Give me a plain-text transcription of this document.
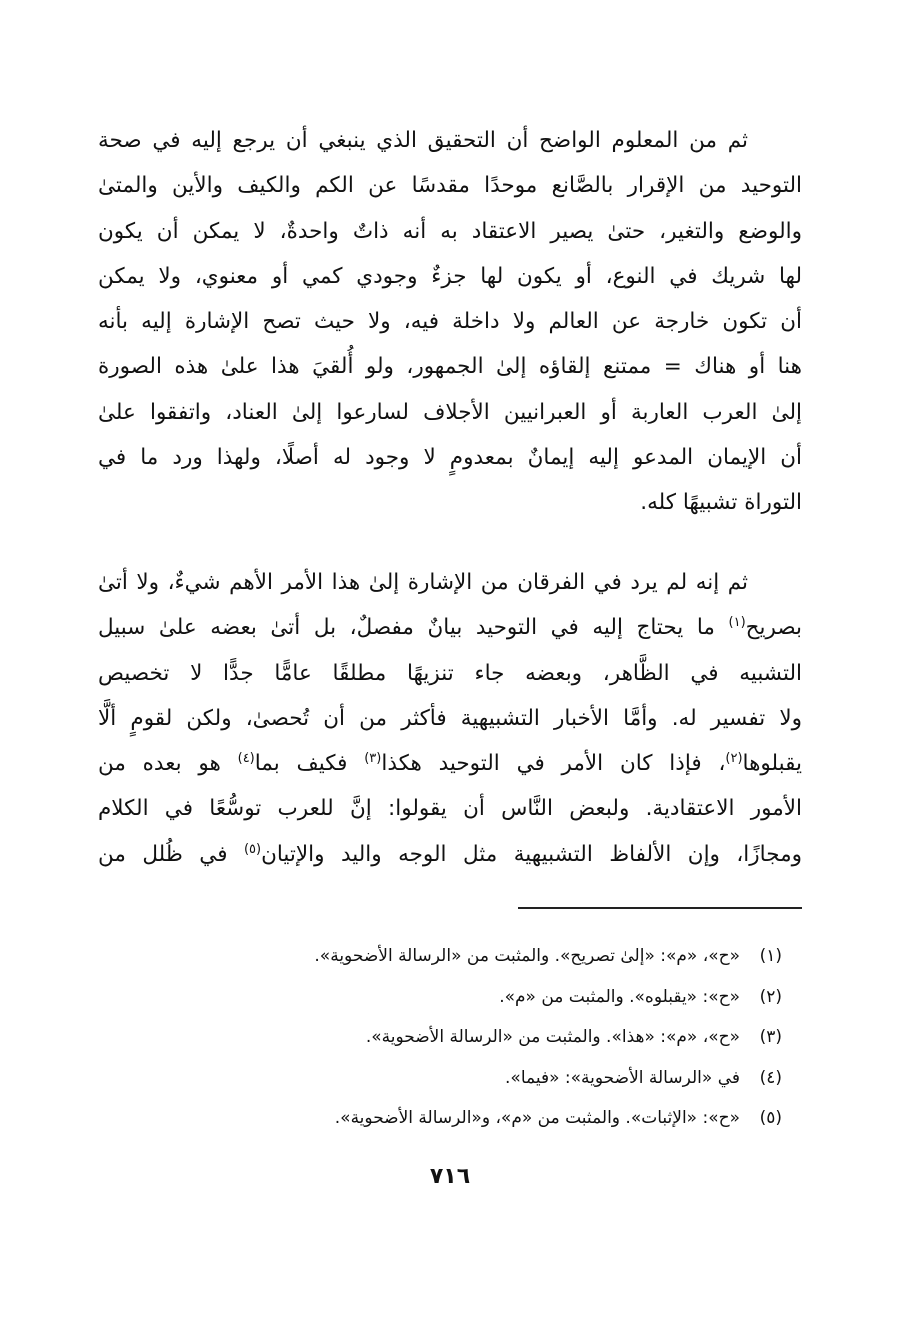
ثم من المعلوم الواضح أن التحقيق الذي ينبغي أن يرجع إليه في صحة
التوحيد من الإقرار بالصَّانع موحدًا مقدسًا عن الكم والكيف والأين والمتىٰ
والوضع والتغير، حتىٰ يصير الاعتقاد به أنه ذاتٌ واحدةٌ، لا يمكن أن يكون
لها شريك في النوع، أو يكون لها جزءٌ وجودي كمي أو معنوي، ولا يمكن
أن تكون خارجة عن العالم ولا داخلة فيه، ولا حيث تصح الإشارة إليه بأنه
هنا أو هناك = ممتنع إلقاؤه إلىٰ الجمهور، ولو أُلقيَ هذا علىٰ هذه الصورة
إلىٰ العرب العاربة أو العبرانيين الأجلاف لسارعوا إلىٰ العناد، واتفقوا علىٰ
أن الإيمان المدعو إليه إيمانٌ بمعدومٍ لا وجود له أصلًا، ولهذا ورد ما في
التوراة تشبيهًا كله.
ثم إنه لم يرد في الفرقان من الإشارة إلىٰ هذا الأمر الأهم شيءٌ، ولا أتىٰ
بصريح$^{(١)}$ ما يحتاج إليه في التوحيد بيانٌ مفصلٌ، بل أتىٰ بعضه علىٰ سبيل
التشبيه في الظَّاهر، وبعضه جاء تنزيهًا مطلقًا عامًّا جدًّا لا تخصيص
ولا تفسير له. وأمَّا الأخبار التشبيهية فأكثر من أن تُحصىٰ، ولكن لقومٍ ألَّا
يقبلوها$^{(٢)}$، فإذا كان الأمر في التوحيد هكذا$^{(٣)}$ فكيف بما$^{(٤)}$ هو بعده من
الأمور الاعتقادية. ولبعض النَّاس أن يقولوا: إنَّ للعرب توسُّعًا في الكلام
ومجازًا، وإن الألفاظ التشبيهية مثل الوجه واليد والإتيان$^{(٥)}$ في ظُلل من
(١)«ح»، «م»: «إلىٰ تصريح». والمثبت من «الرسالة الأضحوية».
(٢)«ح»: «يقبلوه». والمثبت من «م».
(٣)«ح»، «م»: «هذا». والمثبت من «الرسالة الأضحوية».
(٤)في «الرسالة الأضحوية»: «فيما».
(٥)«ح»: «الإثبات». والمثبت من «م»، و«الرسالة الأضحوية».
٧١٦
